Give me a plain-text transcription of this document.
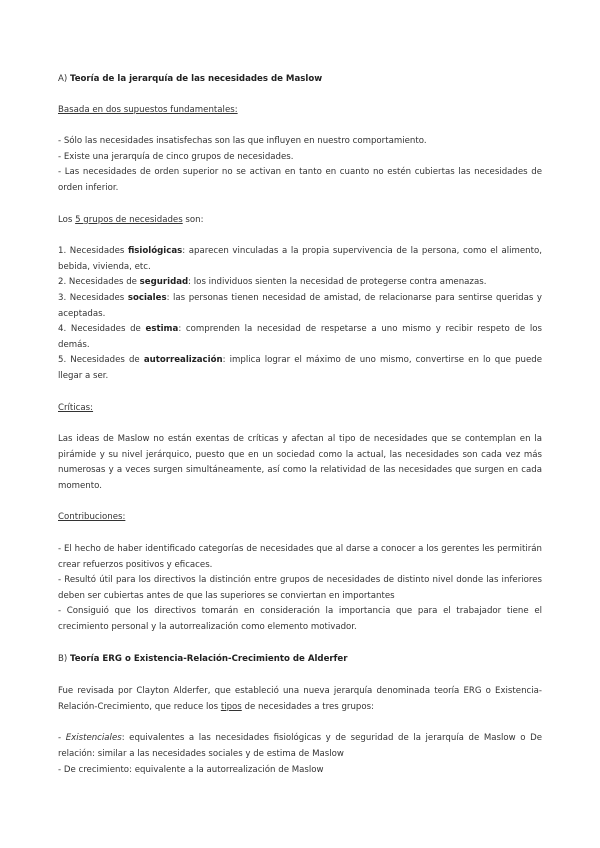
A) Teoría de la jerarquía de las necesidades de Maslow

Basada en dos supuestos fundamentales:

- Sólo las necesidades insatisfechas son las que influyen en nuestro comportamiento.

- Existe una jerarquía de cinco grupos de necesidades.

- Las necesidades de orden superior no se activan en tanto en cuanto no estén cubiertas las necesidades de orden inferior.

Los 5 grupos de necesidades son:

1. Necesidades fisiológicas: aparecen vinculadas a la propia supervivencia de la persona, como el alimento, bebida, vivienda, etc.

2. Necesidades de seguridad: los individuos sienten la necesidad de protegerse contra amenazas.

3. Necesidades sociales: las personas tienen necesidad de amistad, de relacionarse para sentirse queridas y aceptadas.

4. Necesidades de estima: comprenden la necesidad de respetarse a uno mismo y recibir respeto de los demás.

5. Necesidades de autorrealización: implica lograr el máximo de uno mismo, convertirse en lo que puede llegar a ser.

Críticas:

Las ideas de Maslow no están exentas de críticas y afectan al tipo de necesidades que se contemplan en la pirámide y su nivel jerárquico, puesto que en un sociedad como la actual, las necesidades son cada vez más numerosas y a veces surgen simultáneamente, así como la relatividad de las necesidades que surgen en cada momento.

Contribuciones:

- El hecho de haber identificado categorías de necesidades que al darse a conocer a los gerentes les permitirán crear refuerzos positivos y eficaces.

- Resultó útil para los directivos la distinción entre grupos de necesidades de distinto nivel donde las inferiores deben ser cubiertas antes de que las superiores se conviertan en importantes

- Consiguió que los directivos tomarán en consideración la importancia que para el trabajador tiene el crecimiento personal y la autorrealización como elemento motivador.

B) Teoría ERG o Existencia-Relación-Crecimiento de Alderfer

Fue revisada por Clayton Alderfer, que estableció una nueva jerarquía denominada teoría ERG o Existencia-Relación-Crecimiento, que reduce los tipos de necesidades a tres grupos:

- Existenciales: equivalentes a las necesidades fisiológicas y de seguridad de la jerarquía de Maslow o De relación: similar a las necesidades sociales y de estima de Maslow

- De crecimiento: equivalente a la autorrealización de Maslow
